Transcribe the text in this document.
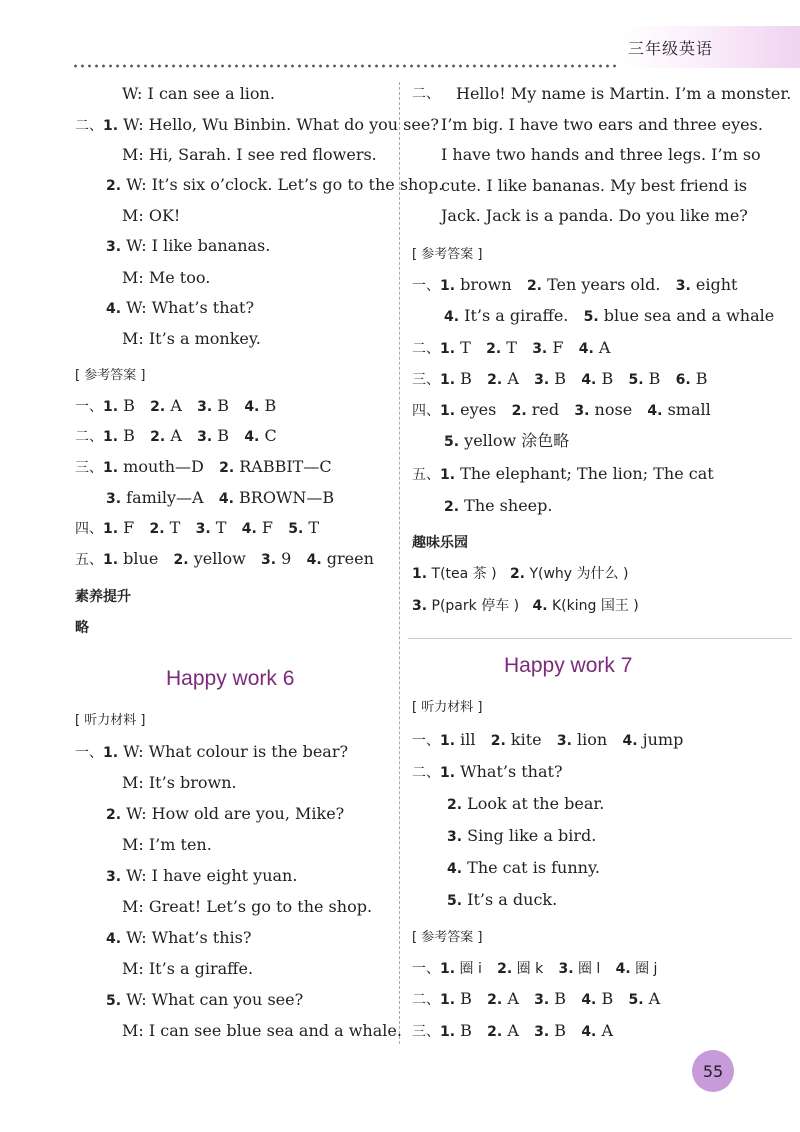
三年级英语
W: I can see a lion.
二、1. W: Hello, Wu Binbin. What do you see?
M: Hi, Sarah. I see red flowers.
2. W: It’s six o’clock. Let’s go to the shop.
M: OK!
3. W: I like bananas.
M: Me too.
4. W: What’s that?
M: It’s a monkey.
[ 参考答案 ]
一、1. B 2. A 3. B 4. B
二、1. B 2. A 3. B 4. C
三、1. mouth—D 2. RABBIT—C
3. family—A 4. BROWN—B
四、1. F 2. T 3. T 4. F 5. T
五、1. blue 2. yellow 3. 9 4. green
素养提升
略
Happy work 6
[ 听力材料 ]
一、1. W: What colour is the bear?
M: It’s brown.
2. W: How old are you, Mike?
M: I’m ten.
3. W: I have eight yuan.
M: Great! Let’s go to the shop.
4. W: What’s this?
M: It’s a giraffe.
5. W: What can you see?
M: I can see blue sea and a whale.
二、 Hello! My name is Martin. I’m a monster.
I’m big. I have two ears and three eyes.
I have two hands and three legs. I’m so
cute. I like bananas. My best friend is
Jack. Jack is a panda. Do you like me?
[ 参考答案 ]
一、1. brown 2. Ten years old. 3. eight
4. It’s a giraffe. 5. blue sea and a whale
二、1. T 2. T 3. F 4. A
三、1. B 2. A 3. B 4. B 5. B 6. B
四、1. eyes 2. red 3. nose 4. small
5. yellow 涂色略
五、1. The elephant; The lion; The cat
2. The sheep.
趣味乐园
1. T(tea 茶 ) 2. Y(why 为什么 )
3. P(park 停车 ) 4. K(king 国王 )
Happy work 7
[ 听力材料 ]
一、1. ill 2. kite 3. lion 4. jump
二、1. What’s that?
2. Look at the bear.
3. Sing like a bird.
4. The cat is funny.
5. It’s a duck.
[ 参考答案 ]
一、1. 圈 i 2. 圈 k 3. 圈 l 4. 圈 j
二、1. B 2. A 3. B 4. B 5. A
三、1. B 2. A 3. B 4. A
55
